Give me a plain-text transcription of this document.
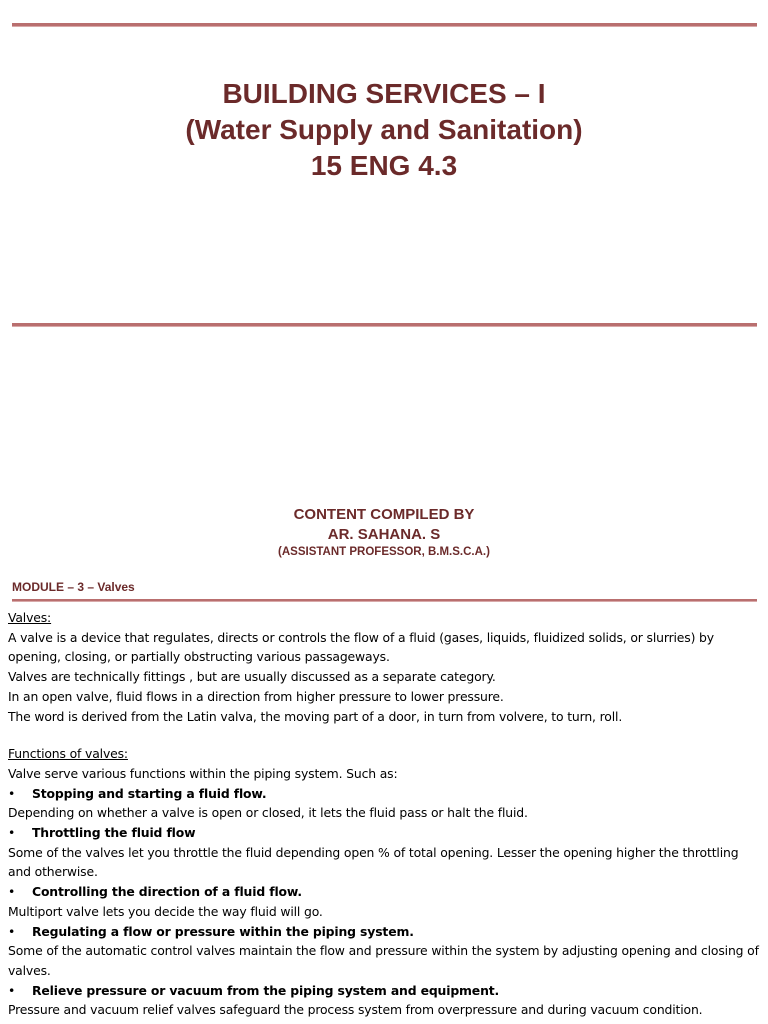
BUILDING SERVICES – I
(Water Supply and Sanitation)
15 ENG 4.3
CONTENT COMPILED BY
AR. SAHANA. S
(ASSISTANT PROFESSOR, B.M.S.C.A.)
MODULE – 3 – Valves

Valves:

A valve is a device that regulates, directs or controls the flow of a fluid (gases, liquids, fluidized solids, or slurries) by opening, closing, or partially obstructing various passageways.

Valves are technically fittings , but are usually discussed as a separate category.

In an open valve, fluid flows in a direction from higher pressure to lower pressure.

The word is derived from the Latin valva, the moving part of a door, in turn from volvere, to turn, roll.

Functions of valves:

Valve serve various functions within the piping system. Such as:

•	Stopping and starting a fluid flow.

Depending on whether a valve is open or closed, it lets the fluid pass or halt the fluid.

•	Throttling the fluid flow

Some of the valves let you throttle the fluid depending open % of total opening. Lesser the opening higher the throttling and otherwise.

•	Controlling the direction of a fluid flow.

Multiport valve lets you decide the way fluid will go.

•	Regulating a flow or pressure within the piping system.

Some of the automatic control valves maintain the flow and pressure within the system by adjusting opening and closing of valves.

•	Relieve pressure or vacuum from the piping system and equipment.

Pressure and vacuum relief valves safeguard the process system from overpressure and during vacuum condition.
